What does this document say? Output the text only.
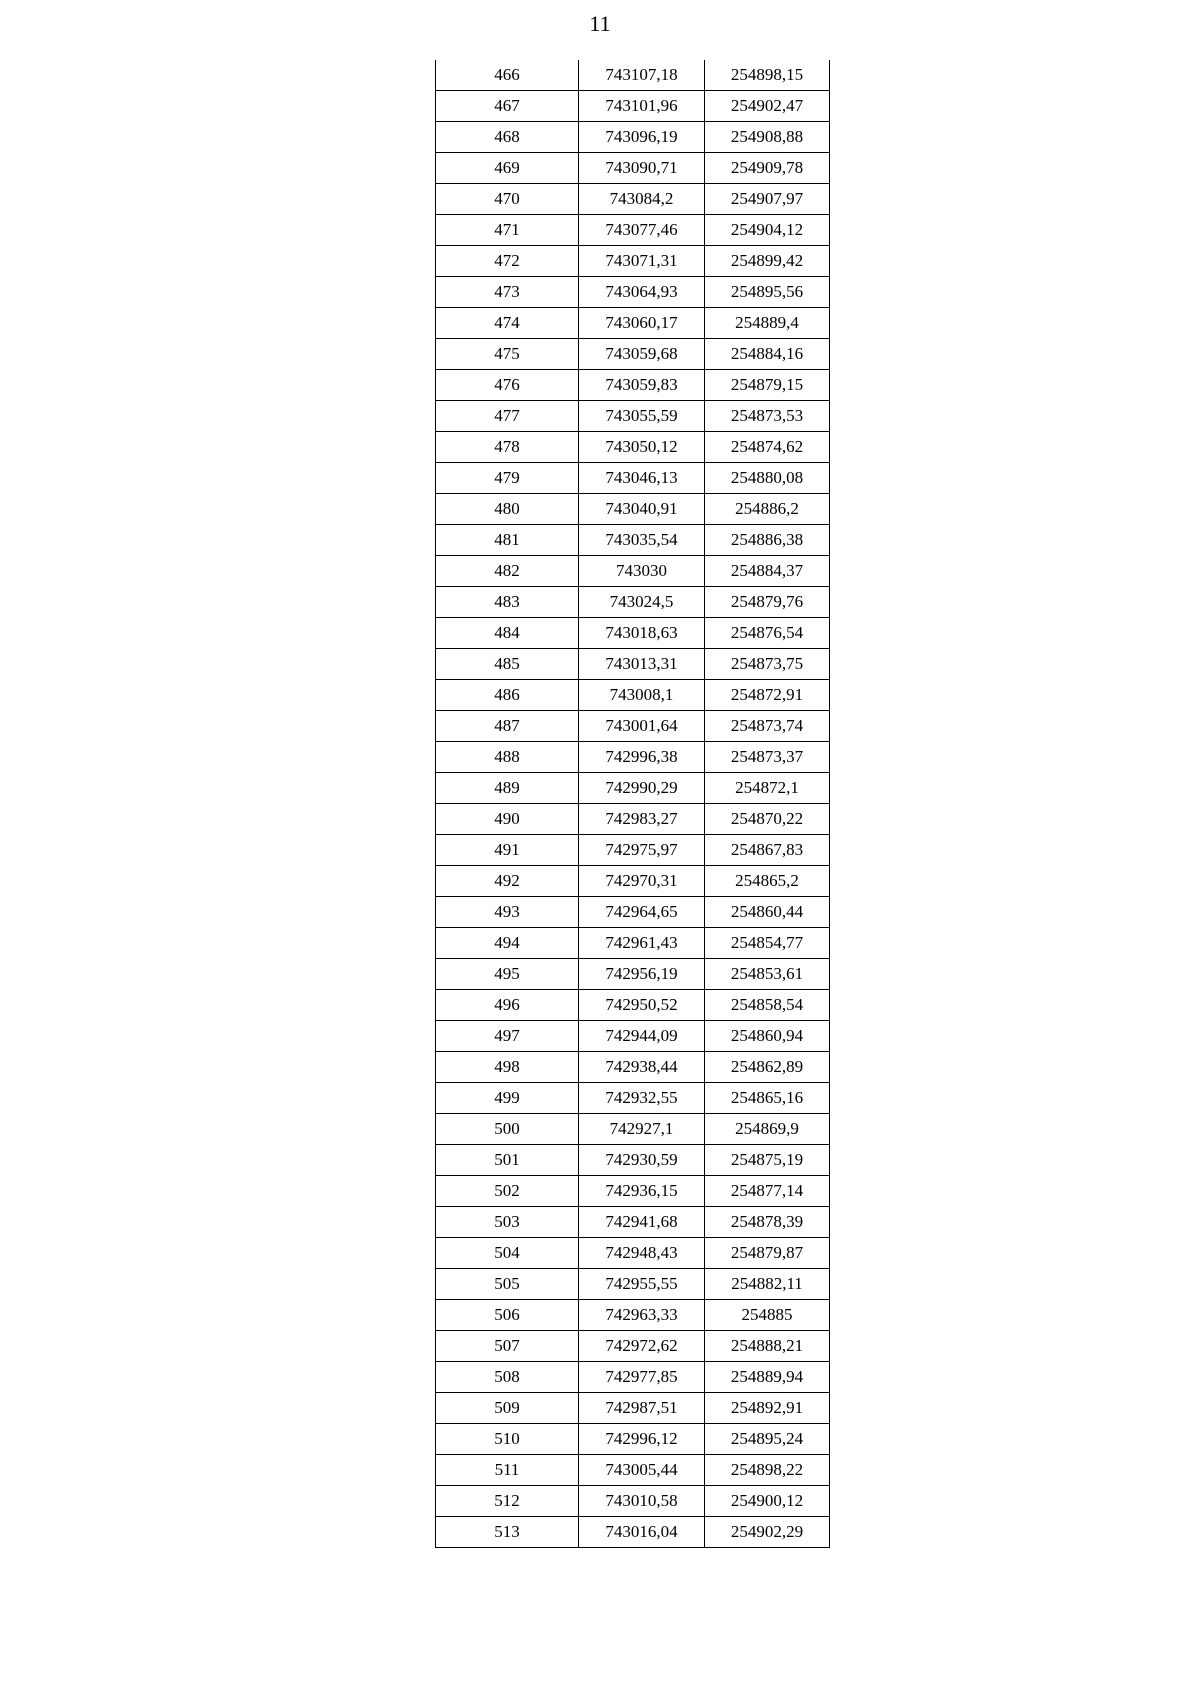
11
466	743107,18	254898,15
467	743101,96	254902,47
468	743096,19	254908,88
469	743090,71	254909,78
470	743084,2	254907,97
471	743077,46	254904,12
472	743071,31	254899,42
473	743064,93	254895,56
474	743060,17	254889,4
475	743059,68	254884,16
476	743059,83	254879,15
477	743055,59	254873,53
478	743050,12	254874,62
479	743046,13	254880,08
480	743040,91	254886,2
481	743035,54	254886,38
482	743030	254884,37
483	743024,5	254879,76
484	743018,63	254876,54
485	743013,31	254873,75
486	743008,1	254872,91
487	743001,64	254873,74
488	742996,38	254873,37
489	742990,29	254872,1
490	742983,27	254870,22
491	742975,97	254867,83
492	742970,31	254865,2
493	742964,65	254860,44
494	742961,43	254854,77
495	742956,19	254853,61
496	742950,52	254858,54
497	742944,09	254860,94
498	742938,44	254862,89
499	742932,55	254865,16
500	742927,1	254869,9
501	742930,59	254875,19
502	742936,15	254877,14
503	742941,68	254878,39
504	742948,43	254879,87
505	742955,55	254882,11
506	742963,33	254885
507	742972,62	254888,21
508	742977,85	254889,94
509	742987,51	254892,91
510	742996,12	254895,24
511	743005,44	254898,22
512	743010,58	254900,12
513	743016,04	254902,29
